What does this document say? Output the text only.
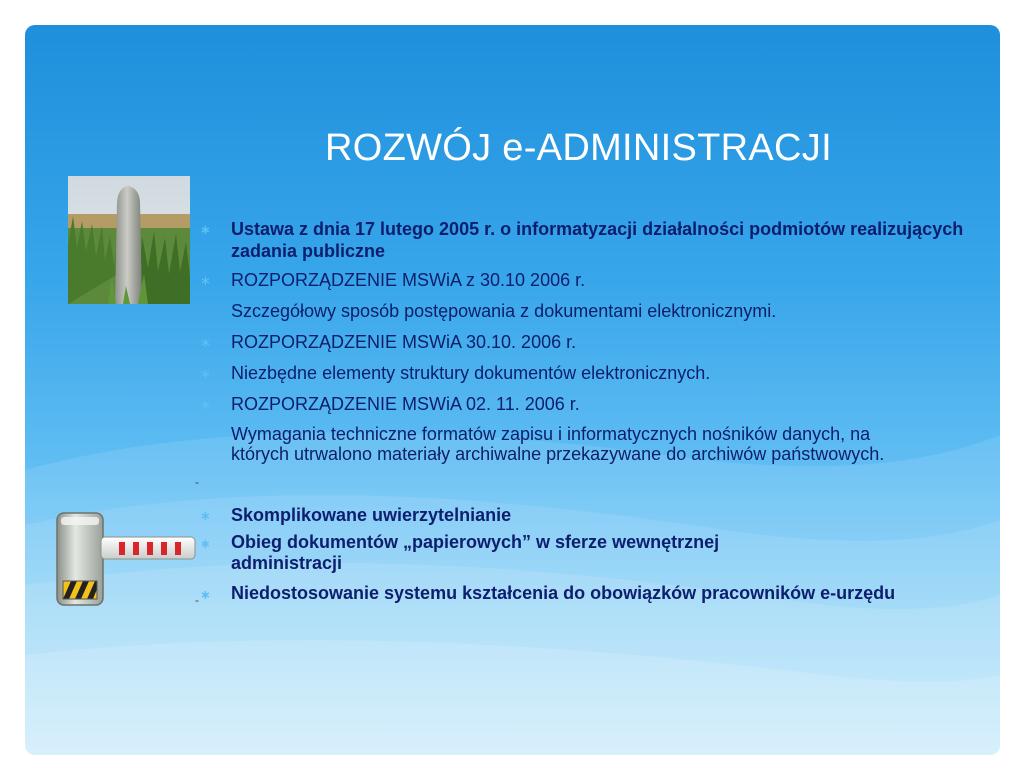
ROZWÓJ e-ADMINISTRACJI
-
-
∗ Ustawa z dnia 17 lutego 2005 r. o informatyzacji działalności podmiotów realizujących zadania publiczne
∗ ROZPORZĄDZENIE MSWiA z 30.10 2006 r.
Szczegółowy sposób postępowania z dokumentami elektronicznymi.
∗ ROZPORZĄDZENIE MSWiA 30.10. 2006 r.
∗ Niezbędne elementy struktury dokumentów elektronicznych.
∗ ROZPORZĄDZENIE MSWiA 02. 11. 2006 r.
Wymagania techniczne formatów zapisu i informatycznych nośników danych, na których utrwalono materiały archiwalne przekazywane do archiwów państwowych.
∗ Skomplikowane uwierzytelnianie
∗ Obieg dokumentów „papierowych” w sferze wewnętrznej administracji
∗ Niedostosowanie systemu kształcenia do obowiązków pracowników e-urzędu
